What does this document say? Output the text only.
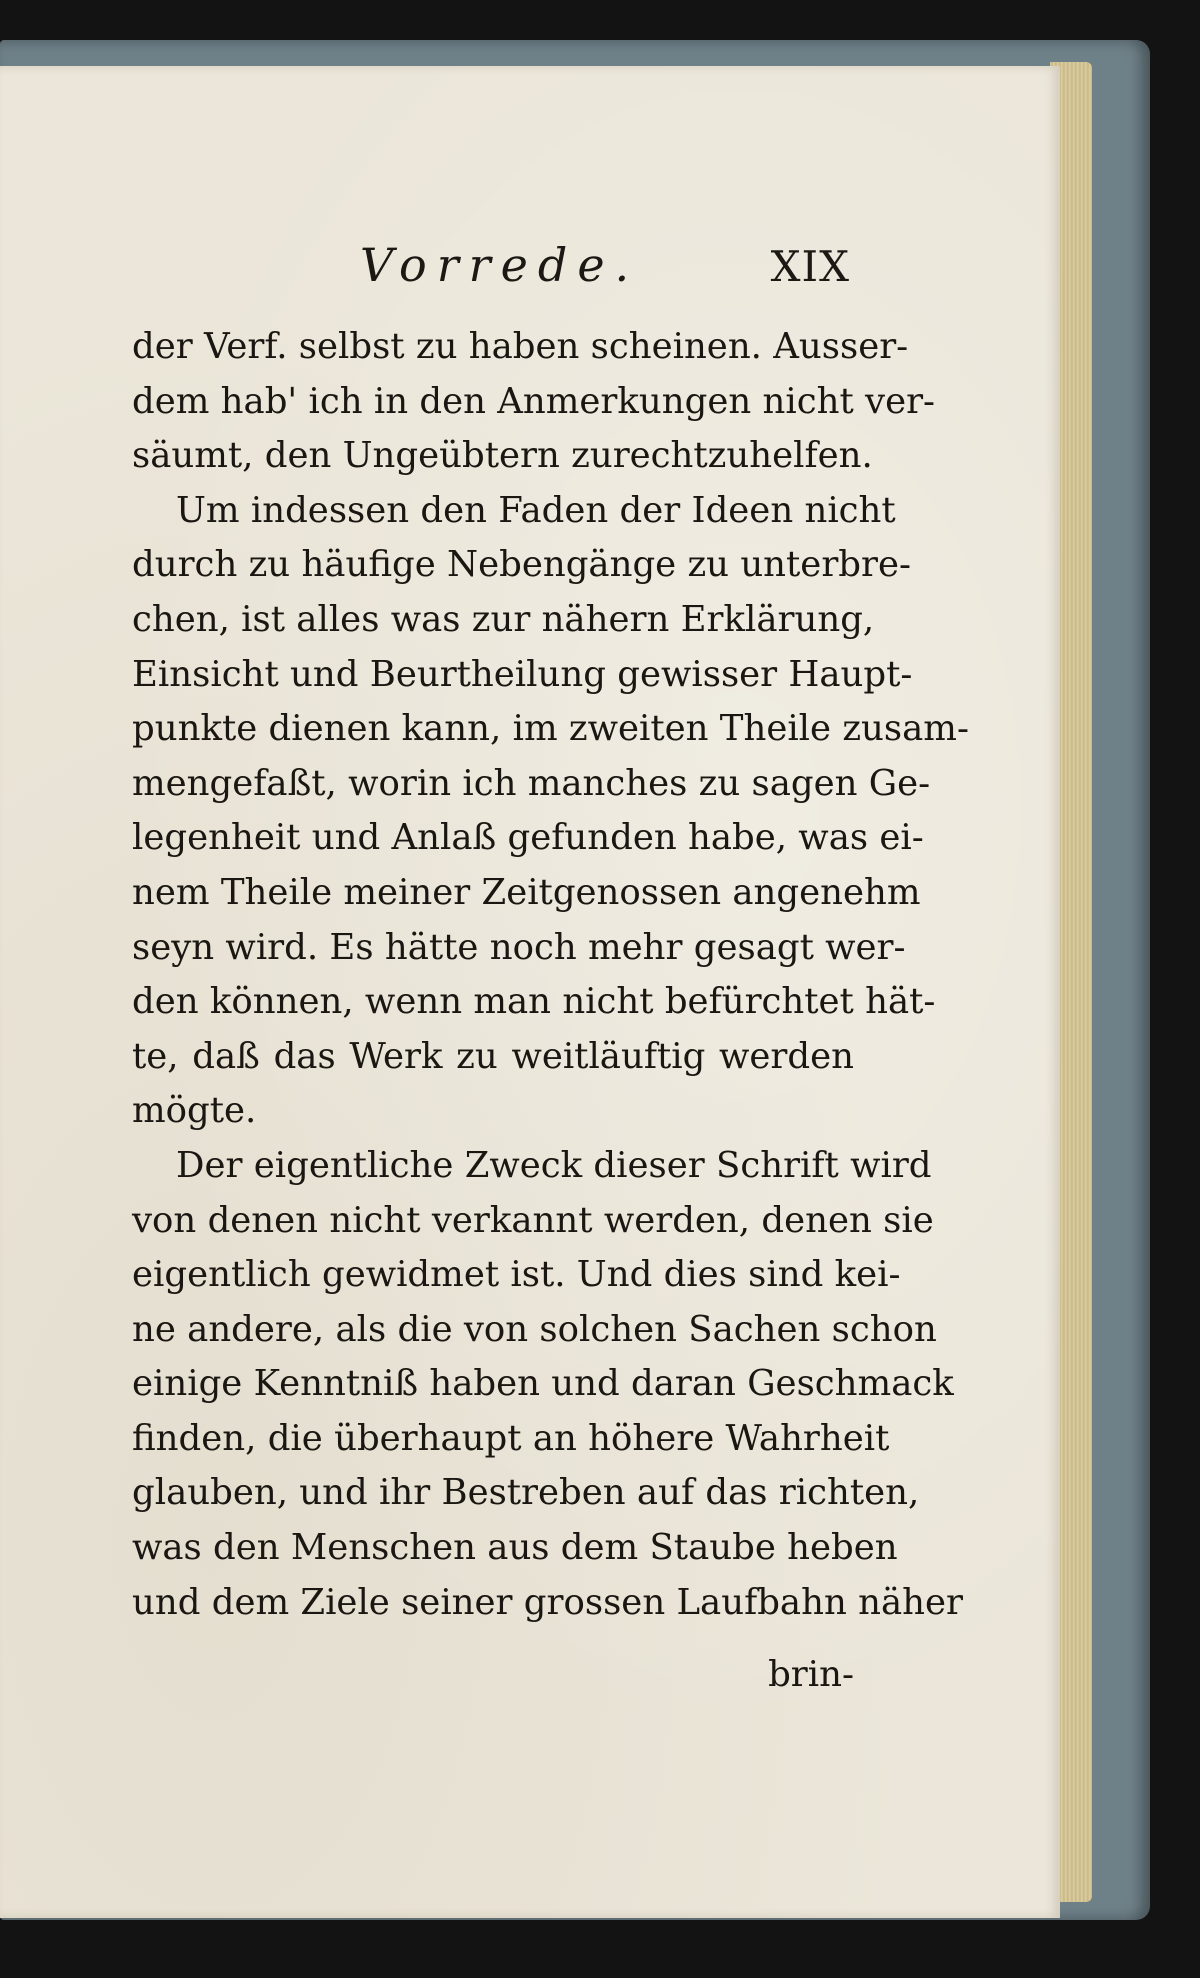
Vorrede.	XIX
der Verf. selbst zu haben scheinen. Ausser-
dem hab' ich in den Anmerkungen nicht ver-
säumt, den Ungeübtern zurechtzuhelfen.
Um indessen den Faden der Ideen nicht
durch zu häufige Nebengänge zu unterbre-
chen, ist alles was zur nähern Erklärung,
Einsicht und Beurtheilung gewisser Haupt-
punkte dienen kann, im zweiten Theile zusam-
mengefaßt, worin ich manches zu sagen Ge-
legenheit und Anlaß gefunden habe, was ei-
nem Theile meiner Zeitgenossen angenehm
seyn wird. Es hätte noch mehr gesagt wer-
den können, wenn man nicht befürchtet hät-
te, daß das Werk zu weitläuftig werden
mögte.
Der eigentliche Zweck dieser Schrift wird
von denen nicht verkannt werden, denen sie
eigentlich gewidmet ist. Und dies sind kei-
ne andere, als die von solchen Sachen schon
einige Kenntniß haben und daran Geschmack
finden, die überhaupt an höhere Wahrheit
glauben, und ihr Bestreben auf das richten,
was den Menschen aus dem Staube heben
und dem Ziele seiner grossen Laufbahn näher
brin-
